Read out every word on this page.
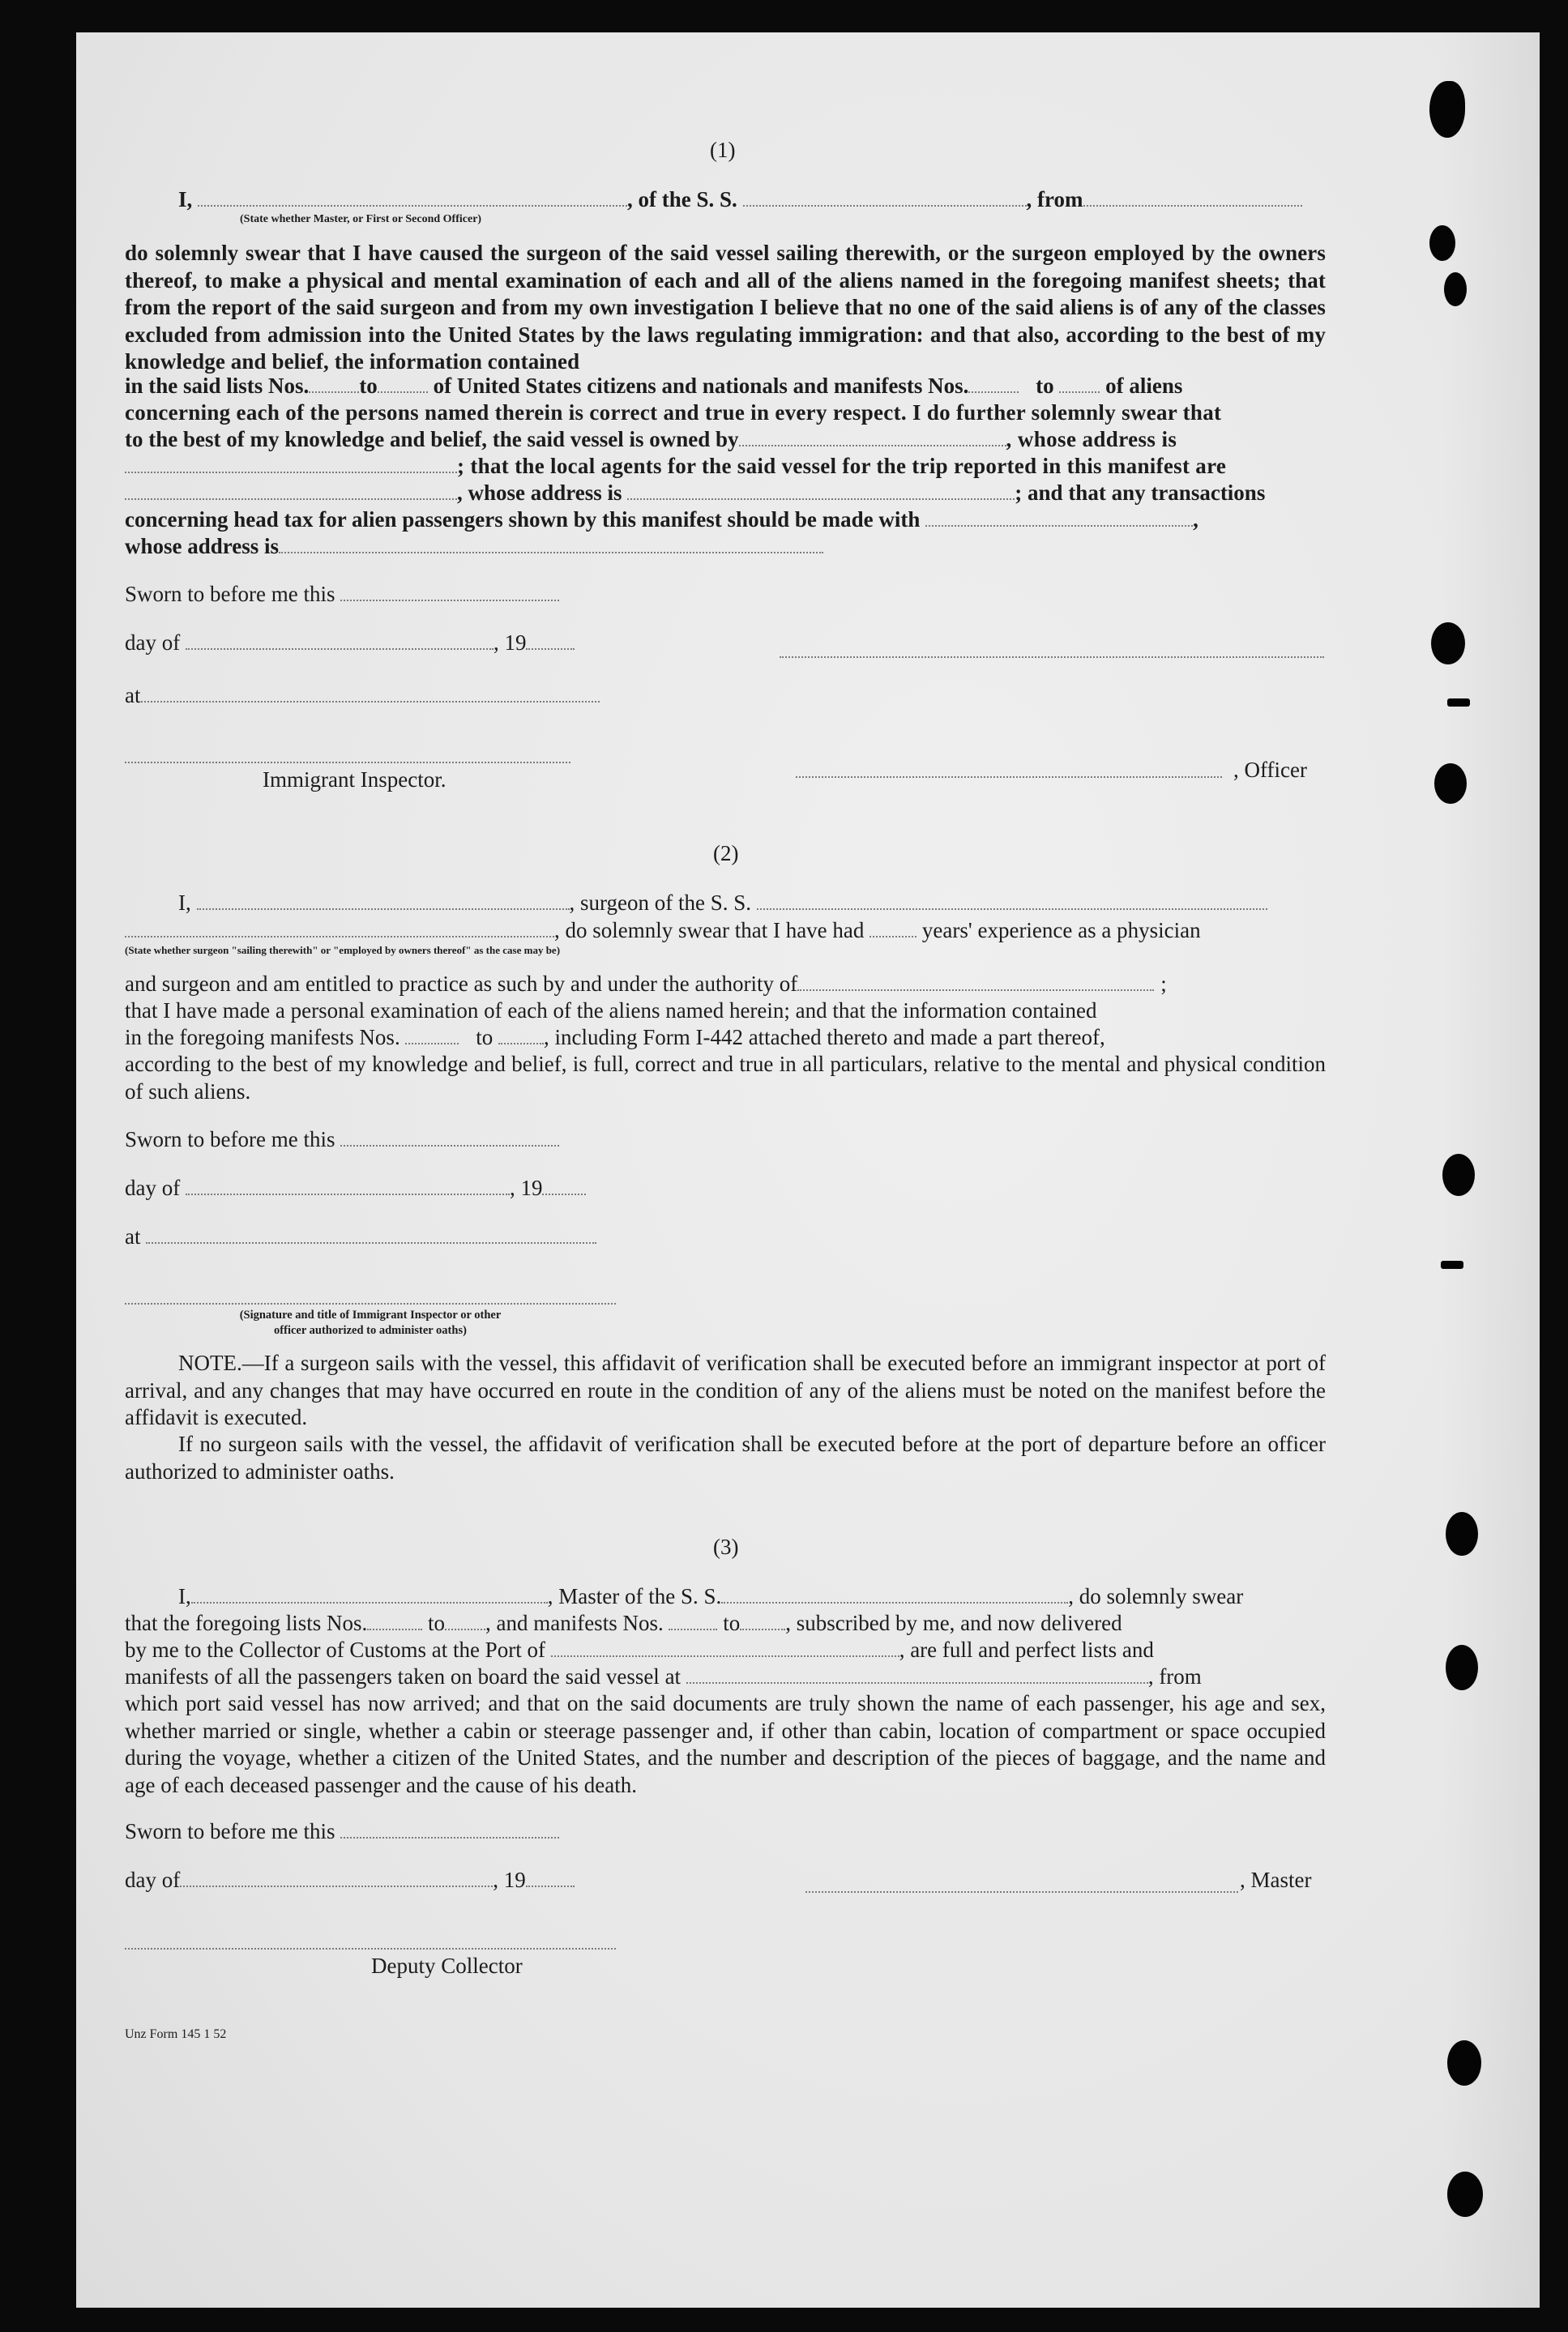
(1)
I,	, of the S. S.	, from
(State whether Master, or First or Second Officer)
do solemnly swear that I have caused the surgeon of the said vessel sailing therewith, or the surgeon employed by the owners thereof, to make a physical and mental examination of each and all of the aliens named in the foregoing manifest sheets; that from the report of the said surgeon and from my own investigation I believe that no one of the said aliens is of any of the classes excluded from admission into the United States by the laws regulating immigration: and that also, according to the best of my knowledge and belief, the information contained
in the said lists Nos. to	of United States citizens and nationals and manifests Nos.	to of aliens
concerning each of the persons named therein is correct and true in every respect. I do further solemnly swear that
to the best of my knowledge and belief, the said vessel is owned by	, whose address is
; that the local agents for the said vessel for the trip reported in this manifest are
, whose address is	; and that any transactions
concerning head tax for alien passengers shown by this manifest should be made with	,
whose address is
Sworn to before me this
day of	, 19
at
Immigrant Inspector.	, Officer
(2)
I,	, surgeon of the S. S.
, do solemnly swear that I have had	years' experience as a physician
(State whether surgeon "sailing therewith" or "employed by owners thereof" as the case may be)
and surgeon and am entitled to practice as such by and under the authority of	;
that I have made a personal examination of each of the aliens named herein; and that the information contained
in the foregoing manifests Nos.	to , including Form I-442 attached thereto and made a part thereof,
according to the best of my knowledge and belief, is full, correct and true in all particulars, relative to the mental and physical condition of such aliens.
Sworn to before me this
day of	, 19
at
(Signature and title of Immigrant Inspector or other
officer authorized to administer oaths)
NOTE.—If a surgeon sails with the vessel, this affidavit of verification shall be executed before an immigrant inspector at port of arrival, and any changes that may have occurred en route in the condition of any of the aliens must be noted on the manifest before the affidavit is executed.
If no surgeon sails with the vessel, the affidavit of verification shall be executed before at the port of departure before an officer authorized to administer oaths.
(3)
I,	, Master of the S. S.	, do solemnly swear
that the foregoing lists Nos.	to , and manifests Nos.	to , subscribed by me, and now delivered
by me to the Collector of Customs at the Port of	, are full and perfect lists and
manifests of all the passengers taken on board the said vessel at	, from
which port said vessel has now arrived; and that on the said documents are truly shown the name of each passenger, his age and sex, whether married or single, whether a cabin or steerage passenger and, if other than cabin, location of compartment or space occupied during the voyage, whether a citizen of the United States, and the number and description of the pieces of baggage, and the name and age of each deceased passenger and the cause of his death.
Sworn to before me this
day of	, 19	, Master
Deputy Collector
Unz Form 145 1 52
